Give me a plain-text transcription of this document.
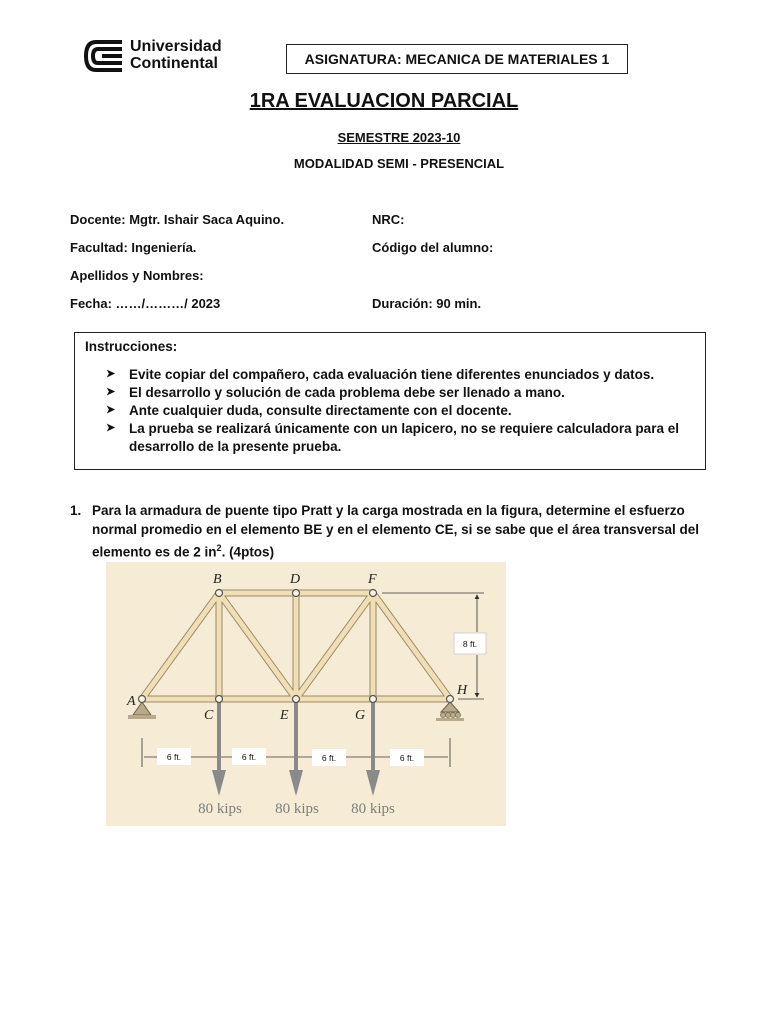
Universidad
Continental	ASIGNATURA: MECANICA DE MATERIALES 1
1RA EVALUACION PARCIAL
SEMESTRE 2023-10
MODALIDAD SEMI - PRESENCIAL
Docente: Mgtr. Ishair Saca Aquino.	NRC:
Facultad: Ingeniería.	Código del alumno:
Apellidos y Nombres:
Fecha: ……/………/ 2023	Duración: 90 min.
Instrucciones:
➤	Evite copiar del compañero, cada evaluación tiene diferentes enunciados y datos.
➤	El desarrollo y solución de cada problema debe ser llenado a mano.
➤	Ante cualquier duda, consulte directamente con el docente.
➤	La prueba se realizará únicamente con un lapicero, no se requiere calculadora para el desarrollo de la presente prueba.
1. Para la armadura de puente tipo Pratt y la carga mostrada en la figura, determine el esfuerzo normal promedio en el elemento BE y en el elemento CE, si se sabe que el área transversal del elemento es de 2 $in^2$. (4ptos)
B	D	F
A
C	E	G
H
8 ft.
6 ft.	6 ft.	6 ft.	6 ft.
80 kips 80 kips 80 kips
